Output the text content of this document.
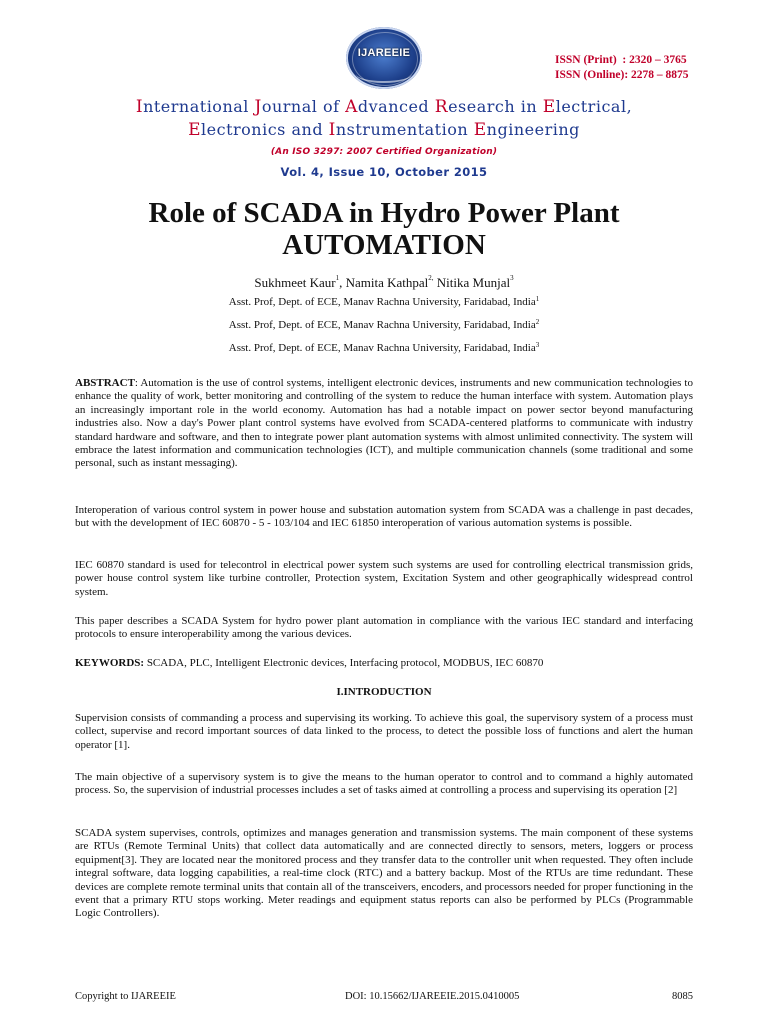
IJAREEIE
ISSN (Print)  : 2320 – 3765
ISSN (Online): 2278 – 8875
International Journal of Advanced Research in Electrical,
Electronics and Instrumentation Engineering
(An ISO 3297: 2007 Certified Organization)
Vol. 4, Issue 10, October 2015
Role of SCADA in Hydro Power Plant
AUTOMATION
Sukhmeet Kaur$^1$, Namita Kathpal$^{2,}$ Nitika Munjal$^3$
Asst. Prof, Dept. of ECE, Manav Rachna University, Faridabad, India$^1$
Asst. Prof, Dept. of ECE, Manav Rachna University, Faridabad, India$^2$
Asst. Prof, Dept. of ECE, Manav Rachna University, Faridabad, India$^3$
ABSTRACT: Automation is the use of control systems, intelligent electronic devices, instruments and new communication technologies to enhance the quality of work, better monitoring and controlling of the system to reduce the human interface with system. Automation plays an increasingly important role in the world economy. Automation has had a notable impact on power sector beyond manufacturing industries also. Now a day's Power plant control systems have evolved from SCADA-centered platforms to communicate with industry standard hardware and software, and then to integrate power plant automation systems with almost unlimited connectivity. The system will embrace the latest information and communication technologies (ICT), and multiple communication channels (some traditional and some personal, such as instant messaging).
Interoperation of various control system in power house and substation automation system from SCADA was a challenge in past decades, but with the development of IEC 60870 - 5 - 103/104 and IEC 61850 interoperation of various automation systems is possible.
IEC 60870 standard is used for telecontrol in electrical power system such systems are used for controlling electrical transmission grids, power house control system like turbine controller, Protection system, Excitation System and other geographically widespread control system.
This paper describes a SCADA System for hydro power plant automation in compliance with the various IEC standard and interfacing protocols to ensure interoperability among the various devices.
KEYWORDS: SCADA, PLC, Intelligent Electronic devices, Interfacing protocol, MODBUS, IEC 60870
I.INTRODUCTION
Supervision consists of commanding a process and supervising its working. To achieve this goal, the supervisory system of a process must collect, supervise and record important sources of data linked to the process, to detect the possible loss of functions and alert the human operator [1].
The main objective of a supervisory system is to give the means to the human operator to control and to command a highly automated process. So, the supervision of industrial processes includes a set of tasks aimed at controlling a process and supervising its operation [2]
SCADA system supervises, controls, optimizes and manages generation and transmission systems. The main component of these systems are RTUs (Remote Terminal Units) that collect data automatically and are connected directly to sensors, meters, loggers or process equipment[3]. They are located near the monitored process and they transfer data to the controller unit when requested. They often include integral software, data logging capabilities, a real-time clock (RTC) and a battery backup. Most of the RTUs are time redundant. These devices are complete remote terminal units that contain all of the transceivers, encoders, and processors needed for proper functioning in the event that a primary RTU stops working. Meter readings and equipment status reports can also be performed by PLCs (Programmable Logic Controllers).
Copyright to IJAREEIE	DOI: 10.15662/IJAREEIE.2015.0410005	8085
